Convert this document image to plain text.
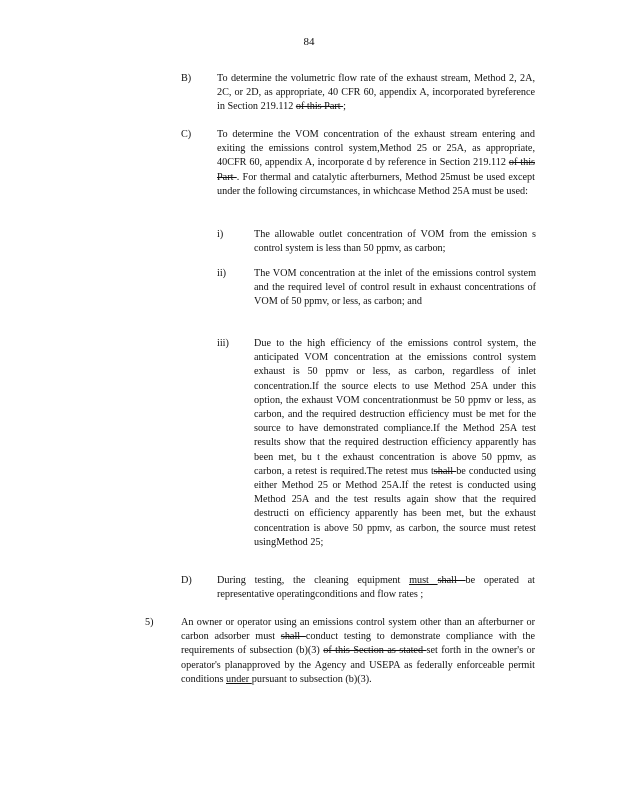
84
B)	To determine the volumetric flow rate of the exhaust stream, Method 2, 2A, 2C, or 2D, as appropriate, 40 CFR 60, appendix A, incorporated byreference in Section 219.112 of this Part ;
C)	To determine the VOM concentration of the exhaust stream entering and exiting the emissions control system,Method 25 or 25A, as appropriate, 40CFR 60, appendix A, incorporate d by reference in Section 219.112 of this Part . For thermal and catalytic afterburners, Method 25must be used except under the following circumstances, in whichcase Method 25A must be used:
i)	The allowable outlet concentration of VOM from the emission s control system is less than 50 ppmv, as carbon;
ii)	The VOM concentration at the inlet of the emissions control system and the required level of control result in exhaust concentrations of VOM of 50 ppmv, or less, as carbon; and
iii) Due to the high efficiency of the emissions control system, the anticipated VOM concentration at the emissions control system exhaust is 50 ppmv or less, as carbon, regardless of inlet concentration.If the source elects to use Method 25A under this option, the exhaust VOM concentrationmust be 50 ppmv or less, as carbon, and the required destruction efficiency must be met for the source to have demonstrated compliance.If the Method 25A test results show that the required destruction efficiency apparently has been met, bu t the exhaust concentration is above 50 ppmv, as carbon, a retest is required.The retest mus tshall be conducted using either Method 25 or Method 25A.If the retest is conducted using Method 25A and the test results again show that the required destructi on efficiency apparently has been met, but the exhaust concentration is above 50 ppmv, as carbon, the source must retest usingMethod 25;
D) During testing, the cleaning equipment must shall be operated at representative operatingconditions and flow rates ;
5)	An owner or operator using an emissions control system other than an afterburner or carbon adsorber must shall conduct testing to demonstrate compliance with the requirements of subsection (b)(3) of this Section as stated set forth in the owner's or operator's planapproved by the Agency and USEPA as federally enforceable permit conditions under pursuant to subsection (b)(3).
